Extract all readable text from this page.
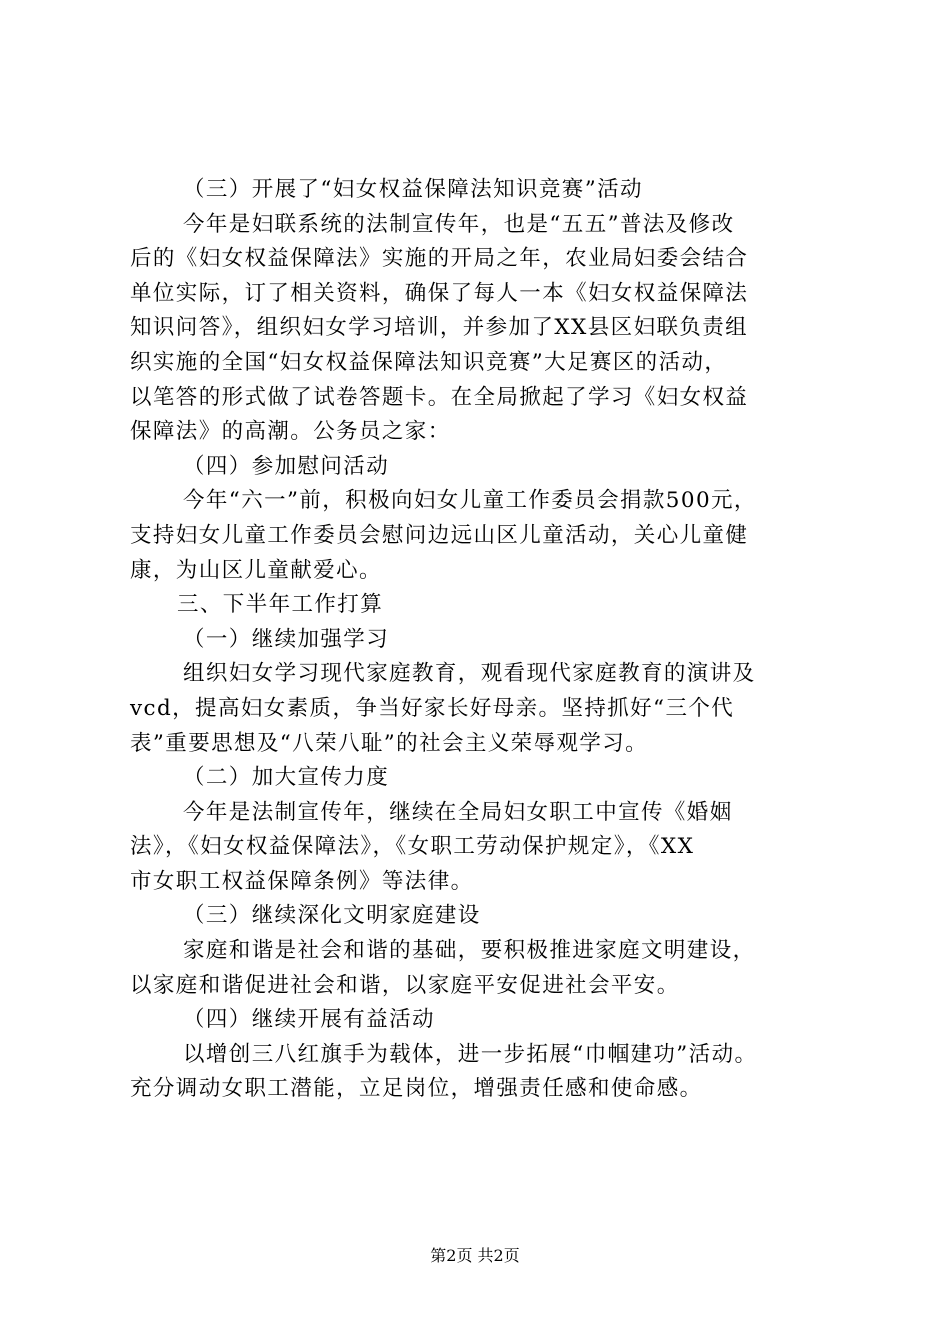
（三）开展了“妇女权益保障法知识竞赛”活动
今年是妇联系统的法制宣传年，也是“五五”普法及修改
后的《妇女权益保障法》实施的开局之年，农业局妇委会结合
单位实际，订了相关资料，确保了每人一本《妇女权益保障法
知识问答》，组织妇女学习培训，并参加了XX县区妇联负责组
织实施的全国“妇女权益保障法知识竞赛”大足赛区的活动，
以笔答的形式做了试卷答题卡。在全局掀起了学习《妇女权益
保障法》的高潮。公务员之家：
（四）参加慰问活动
今年“六一”前，积极向妇女儿童工作委员会捐款500元，
支持妇女儿童工作委员会慰问边远山区儿童活动，关心儿童健
康，为山区儿童献爱心。
三、下半年工作打算
（一）继续加强学习
组织妇女学习现代家庭教育，观看现代家庭教育的演讲及
vcd，提高妇女素质，争当好家长好母亲。坚持抓好“三个代
表”重要思想及“八荣八耻”的社会主义荣辱观学习。
（二）加大宣传力度
今年是法制宣传年，继续在全局妇女职工中宣传《婚姻
法》，《妇女权益保障法》，《女职工劳动保护规定》，《XX
市女职工权益保障条例》等法律。
（三）继续深化文明家庭建设
家庭和谐是社会和谐的基础，要积极推进家庭文明建设，
以家庭和谐促进社会和谐，以家庭平安促进社会平安。
（四）继续开展有益活动
以增创三八红旗手为载体，进一步拓展“巾帼建功”活动。
充分调动女职工潜能，立足岗位，增强责任感和使命感。
第2页 共2页
